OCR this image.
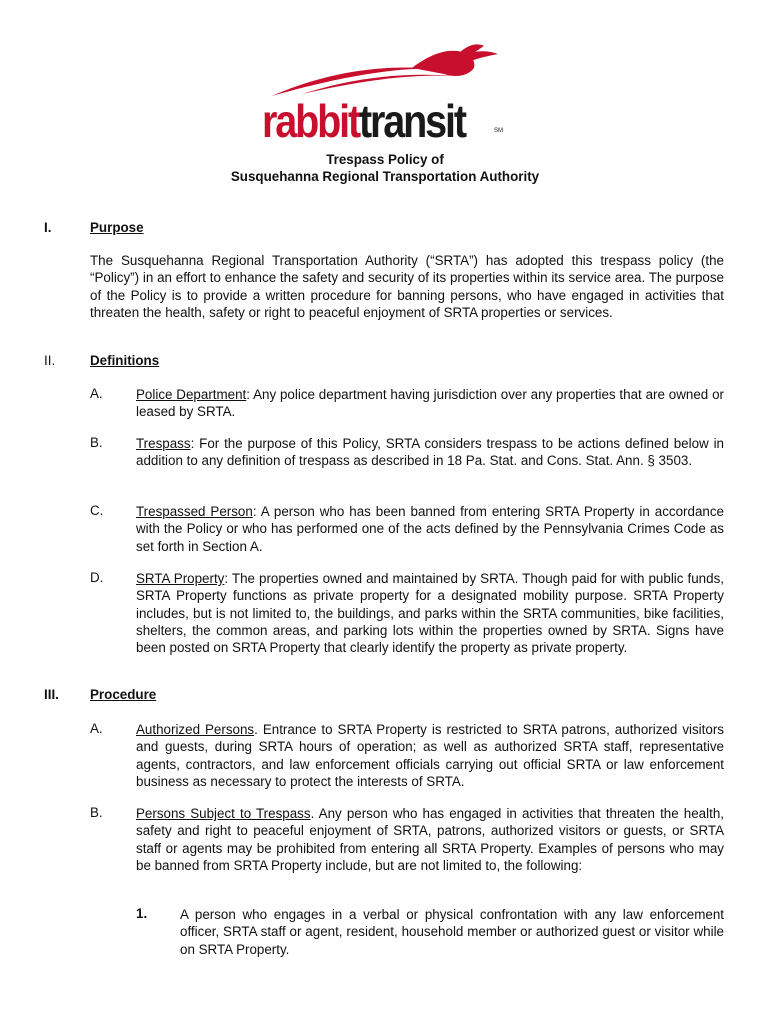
rabbittransit	SM
Trespass Policy of
Susquehanna Regional Transportation Authority
I.	Purpose
The Susquehanna Regional Transportation Authority (“SRTA”) has adopted this trespass policy (the “Policy”) in an effort to enhance the safety and security of its properties within its service area. The purpose of the Policy is to provide a written procedure for banning persons, who have engaged in activities that threaten the health, safety or right to peaceful enjoyment of SRTA properties or services.
II.	Definitions
A. Police Department: Any police department having jurisdiction over any properties that are owned or leased by SRTA.
B. Trespass: For the purpose of this Policy, SRTA considers trespass to be actions defined below in addition to any definition of trespass as described in 18 Pa. Stat. and Cons. Stat. Ann. § 3503.
C. Trespassed Person: A person who has been banned from entering SRTA Property in accordance with the Policy or who has performed one of the acts defined by the Pennsylvania Crimes Code as set forth in Section A.
D. SRTA Property: The properties owned and maintained by SRTA. Though paid for with public funds, SRTA Property functions as private property for a designated mobility purpose. SRTA Property includes, but is not limited to, the buildings, and parks within the SRTA communities, bike facilities, shelters, the common areas, and parking lots within the properties owned by SRTA. Signs have been posted on SRTA Property that clearly identify the property as private property.
III. Procedure
A. Authorized Persons. Entrance to SRTA Property is restricted to SRTA patrons, authorized visitors and guests, during SRTA hours of operation; as well as authorized SRTA staff, representative agents, contractors, and law enforcement officials carrying out official SRTA or law enforcement business as necessary to protect the interests of SRTA.
B. Persons Subject to Trespass. Any person who has engaged in activities that threaten the health, safety and right to peaceful enjoyment of SRTA, patrons, authorized visitors or guests, or SRTA staff or agents may be prohibited from entering all SRTA Property. Examples of persons who may be banned from SRTA Property include, but are not limited to, the following:
1. A person who engages in a verbal or physical confrontation with any law enforcement officer, SRTA staff or agent, resident, household member or authorized guest or visitor while on SRTA Property.
